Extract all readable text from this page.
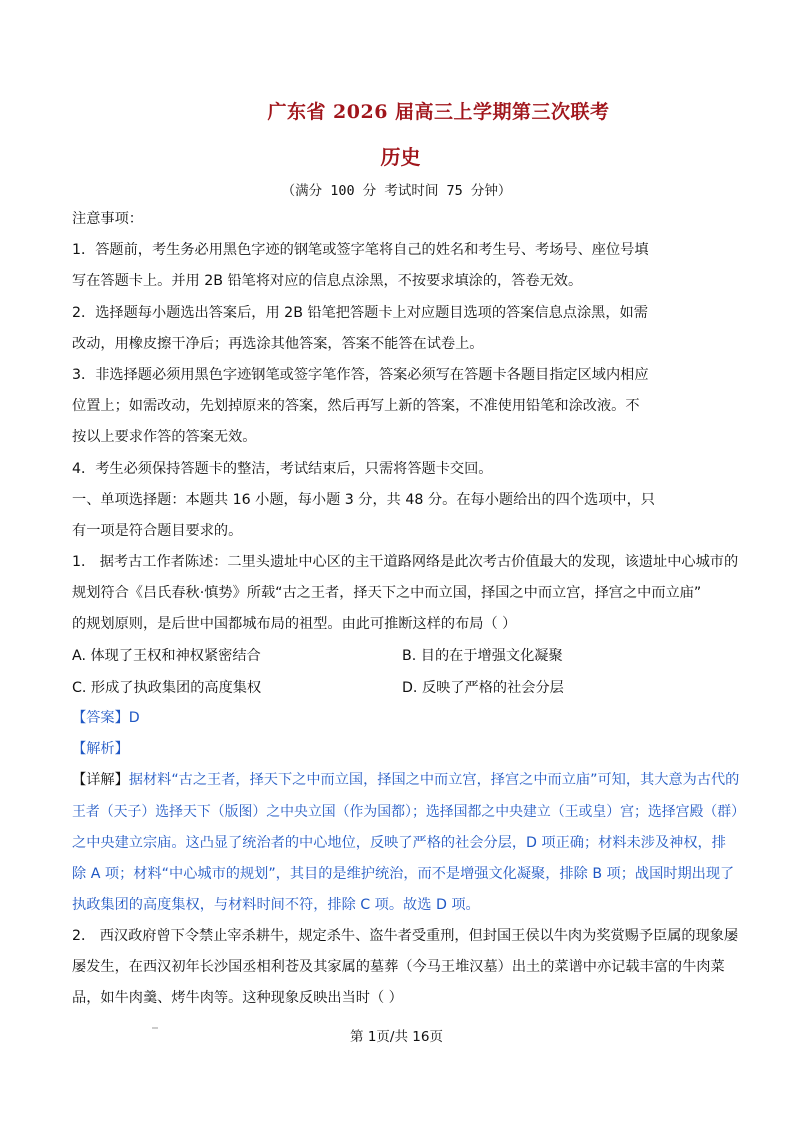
广东省 2026 届高三上学期第三次联考
历史
（满分 100 分 考试时间 75 分钟）
注意事项：
1．答题前，考生务必用黑色字迹的钢笔或签字笔将自己的姓名和考生号、考场号、座位号填
写在答题卡上。并用 2B 铅笔将对应的信息点涂黑，不按要求填涂的，答卷无效。
2．选择题每小题选出答案后，用 2B 铅笔把答题卡上对应题目选项的答案信息点涂黑，如需
改动，用橡皮擦干净后；再选涂其他答案，答案不能答在试卷上。
3．非选择题必须用黑色字迹钢笔或签字笔作答，答案必须写在答题卡各题目指定区域内相应
位置上；如需改动，先划掉原来的答案，然后再写上新的答案，不准使用铅笔和涂改液。不
按以上要求作答的答案无效。
4．考生必须保持答题卡的整洁，考试结束后，只需将答题卡交回。
一、单项选择题：本题共 16 小题，每小题 3 分，共 48 分。在每小题给出的四个选项中，只
有一项是符合题目要求的。
1． 据考古工作者陈述：二里头遗址中心区的主干道路网络是此次考古价值最大的发现，该遗址中心城市的
规划符合《吕氏春秋·慎势》所载“古之王者，择天下之中而立国，择国之中而立宫，择宫之中而立庙”
的规划原则，是后世中国都城布局的祖型。由此可推断这样的布局（ ）
A. 体现了王权和神权紧密结合	B. 目的在于增强文化凝聚
C. 形成了执政集团的高度集权	D. 反映了严格的社会分层
【答案】D
【解析】
【详解】据材料“古之王者，择天下之中而立国，择国之中而立宫，择宫之中而立庙”可知，其大意为古代的
王者（天子）选择天下（版图）之中央立国（作为国都）；选择国都之中央建立（王或皇）宫；选择宫殿（群）
之中央建立宗庙。这凸显了统治者的中心地位，反映了严格的社会分层，D 项正确；材料未涉及神权，排
除 A 项；材料“中心城市的规划”，其目的是维护统治，而不是增强文化凝聚，排除 B 项；战国时期出现了
执政集团的高度集权，与材料时间不符，排除 C 项。故选 D 项。
2． 西汉政府曾下令禁止宰杀耕牛，规定杀牛、盗牛者受重刑，但封国王侯以牛肉为奖赏赐予臣属的现象屡
屡发生，在西汉初年长沙国丞相利苍及其家属的墓葬（今马王堆汉墓）出土的菜谱中亦记载丰富的牛肉菜
品，如牛肉羹、烤牛肉等。这种现象反映出当时（ ）
第 1页/共 16页
